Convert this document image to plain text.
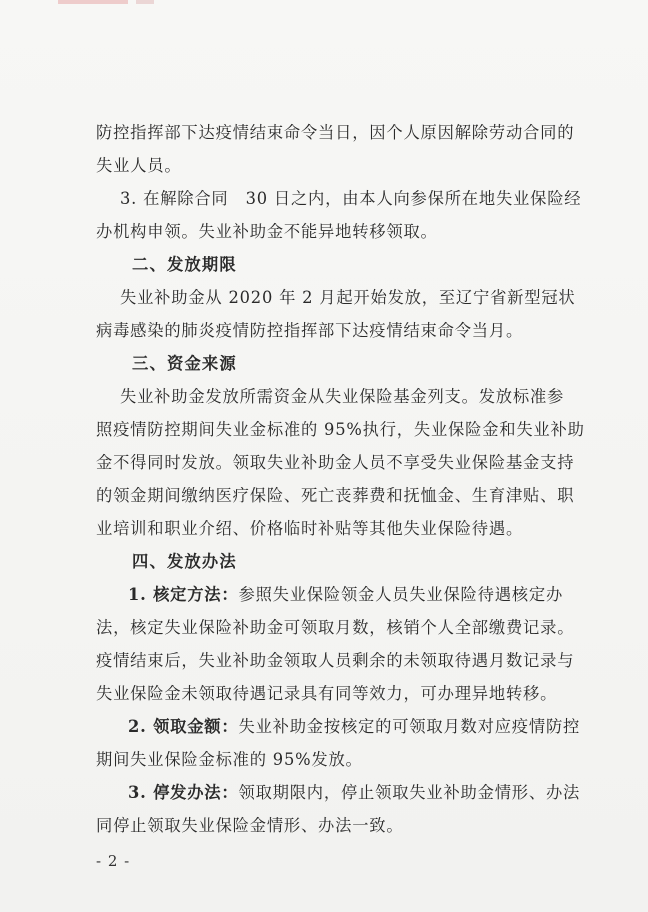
防控指挥部下达疫情结束命令当日，因个人原因解除劳动合同的
失业人员。
3. 在解除合同　30 日之内，由本人向参保所在地失业保险经
办机构申领。失业补助金不能异地转移领取。
二、发放期限
失业补助金从 2020 年 2 月起开始发放，至辽宁省新型冠状
病毒感染的肺炎疫情防控指挥部下达疫情结束命令当月。
三、资金来源
失业补助金发放所需资金从失业保险基金列支。发放标准参
照疫情防控期间失业金标准的 95%执行，失业保险金和失业补助
金不得同时发放。领取失业补助金人员不享受失业保险基金支持
的领金期间缴纳医疗保险、死亡丧葬费和抚恤金、生育津贴、职
业培训和职业介绍、价格临时补贴等其他失业保险待遇。
四、发放办法
1. 核定方法：参照失业保险领金人员失业保险待遇核定办
法，核定失业保险补助金可领取月数，核销个人全部缴费记录。
疫情结束后，失业补助金领取人员剩余的未领取待遇月数记录与
失业保险金未领取待遇记录具有同等效力，可办理异地转移。
2. 领取金额：失业补助金按核定的可领取月数对应疫情防控
期间失业保险金标准的 95%发放。
3. 停发办法：领取期限内，停止领取失业补助金情形、办法
同停止领取失业保险金情形、办法一致。
- 2 -
